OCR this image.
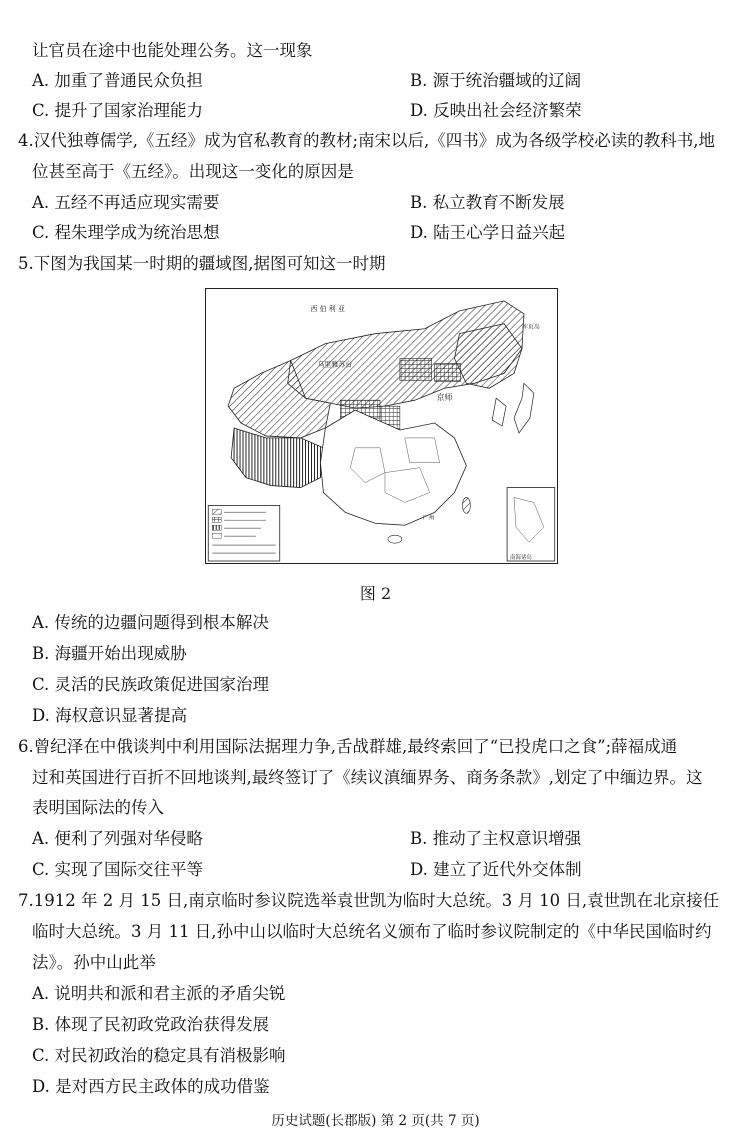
让官员在途中也能处理公务。这一现象
A. 加重了普通民众负担	B. 源于统治疆域的辽阔
C. 提升了国家治理能力	D. 反映出社会经济繁荣
4.汉代独尊儒学,《五经》成为官私教育的教材;南宋以后,《四书》成为各级学校必读的教科书,地
位甚至高于《五经》。出现这一变化的原因是
A. 五经不再适应现实需要	B. 私立教育不断发展
C. 程朱理学成为统治思想	D. 陆王心学日益兴起
5.下图为我国某一时期的疆域图,据图可知这一时期
西 伯 利 亚
乌里雅苏台
京师
库页岛
广州
南海诸岛
图 2
A. 传统的边疆问题得到根本解决
B. 海疆开始出现威胁
C. 灵活的民族政策促进国家治理
D. 海权意识显著提高
6.曾纪泽在中俄谈判中利用国际法据理力争,舌战群雄,最终索回了“已投虎口之食”;薛福成通
过和英国进行百折不回地谈判,最终签订了《续议滇缅界务、商务条款》,划定了中缅边界。这
表明国际法的传入
A. 便利了列强对华侵略	B. 推动了主权意识增强
C. 实现了国际交往平等	D. 建立了近代外交体制
7.1912 年 2 月 15 日,南京临时参议院选举袁世凯为临时大总统。3 月 10 日,袁世凯在北京接任
临时大总统。3 月 11 日,孙中山以临时大总统名义颁布了临时参议院制定的《中华民国临时约
法》。孙中山此举
A. 说明共和派和君主派的矛盾尖锐
B. 体现了民初政党政治获得发展
C. 对民初政治的稳定具有消极影响
D. 是对西方民主政体的成功借鉴
历史试题(长郡版) 第 2 页(共 7 页)
